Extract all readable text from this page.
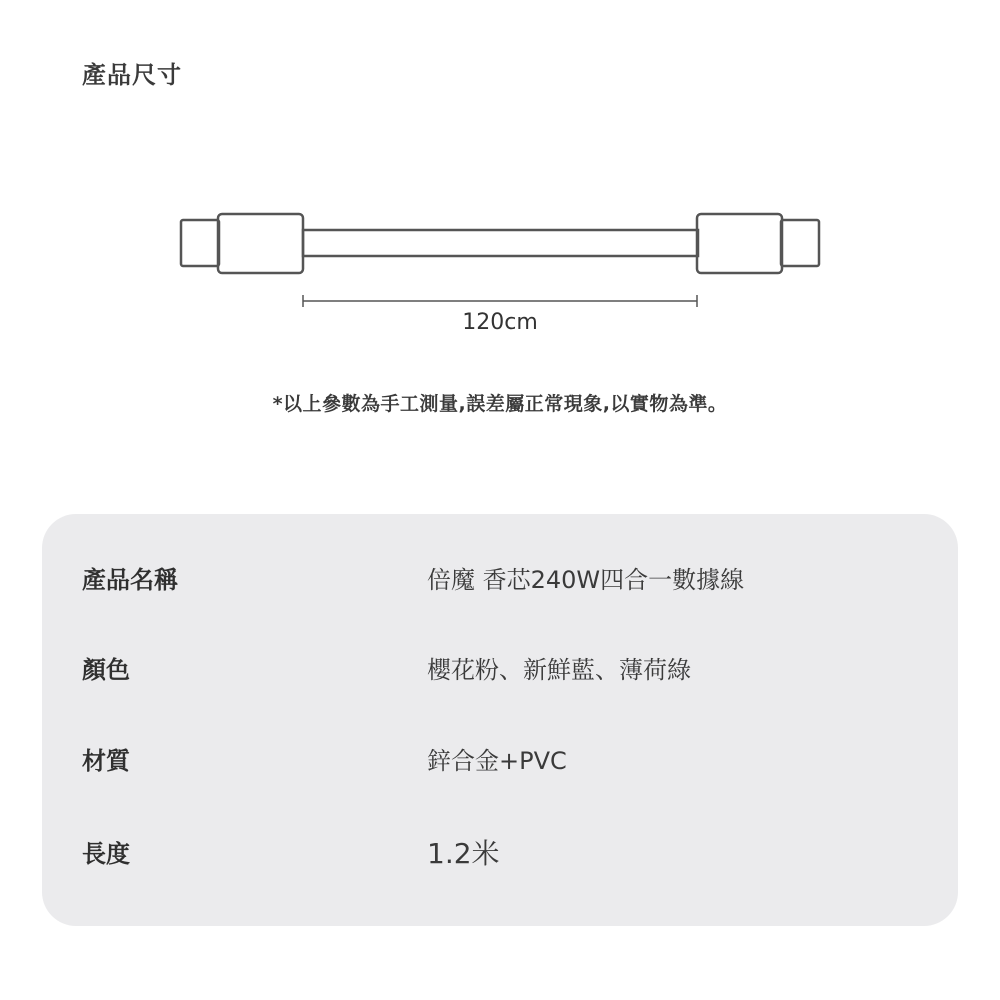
產品尺寸
120cm
*以上參數為手工測量,誤差屬正常現象,以實物為準。
產品名稱	倍魔 香芯240W四合一數據線
顏色	櫻花粉、新鮮藍、薄荷綠
材質	鋅合金+PVC
長度	1.2米
